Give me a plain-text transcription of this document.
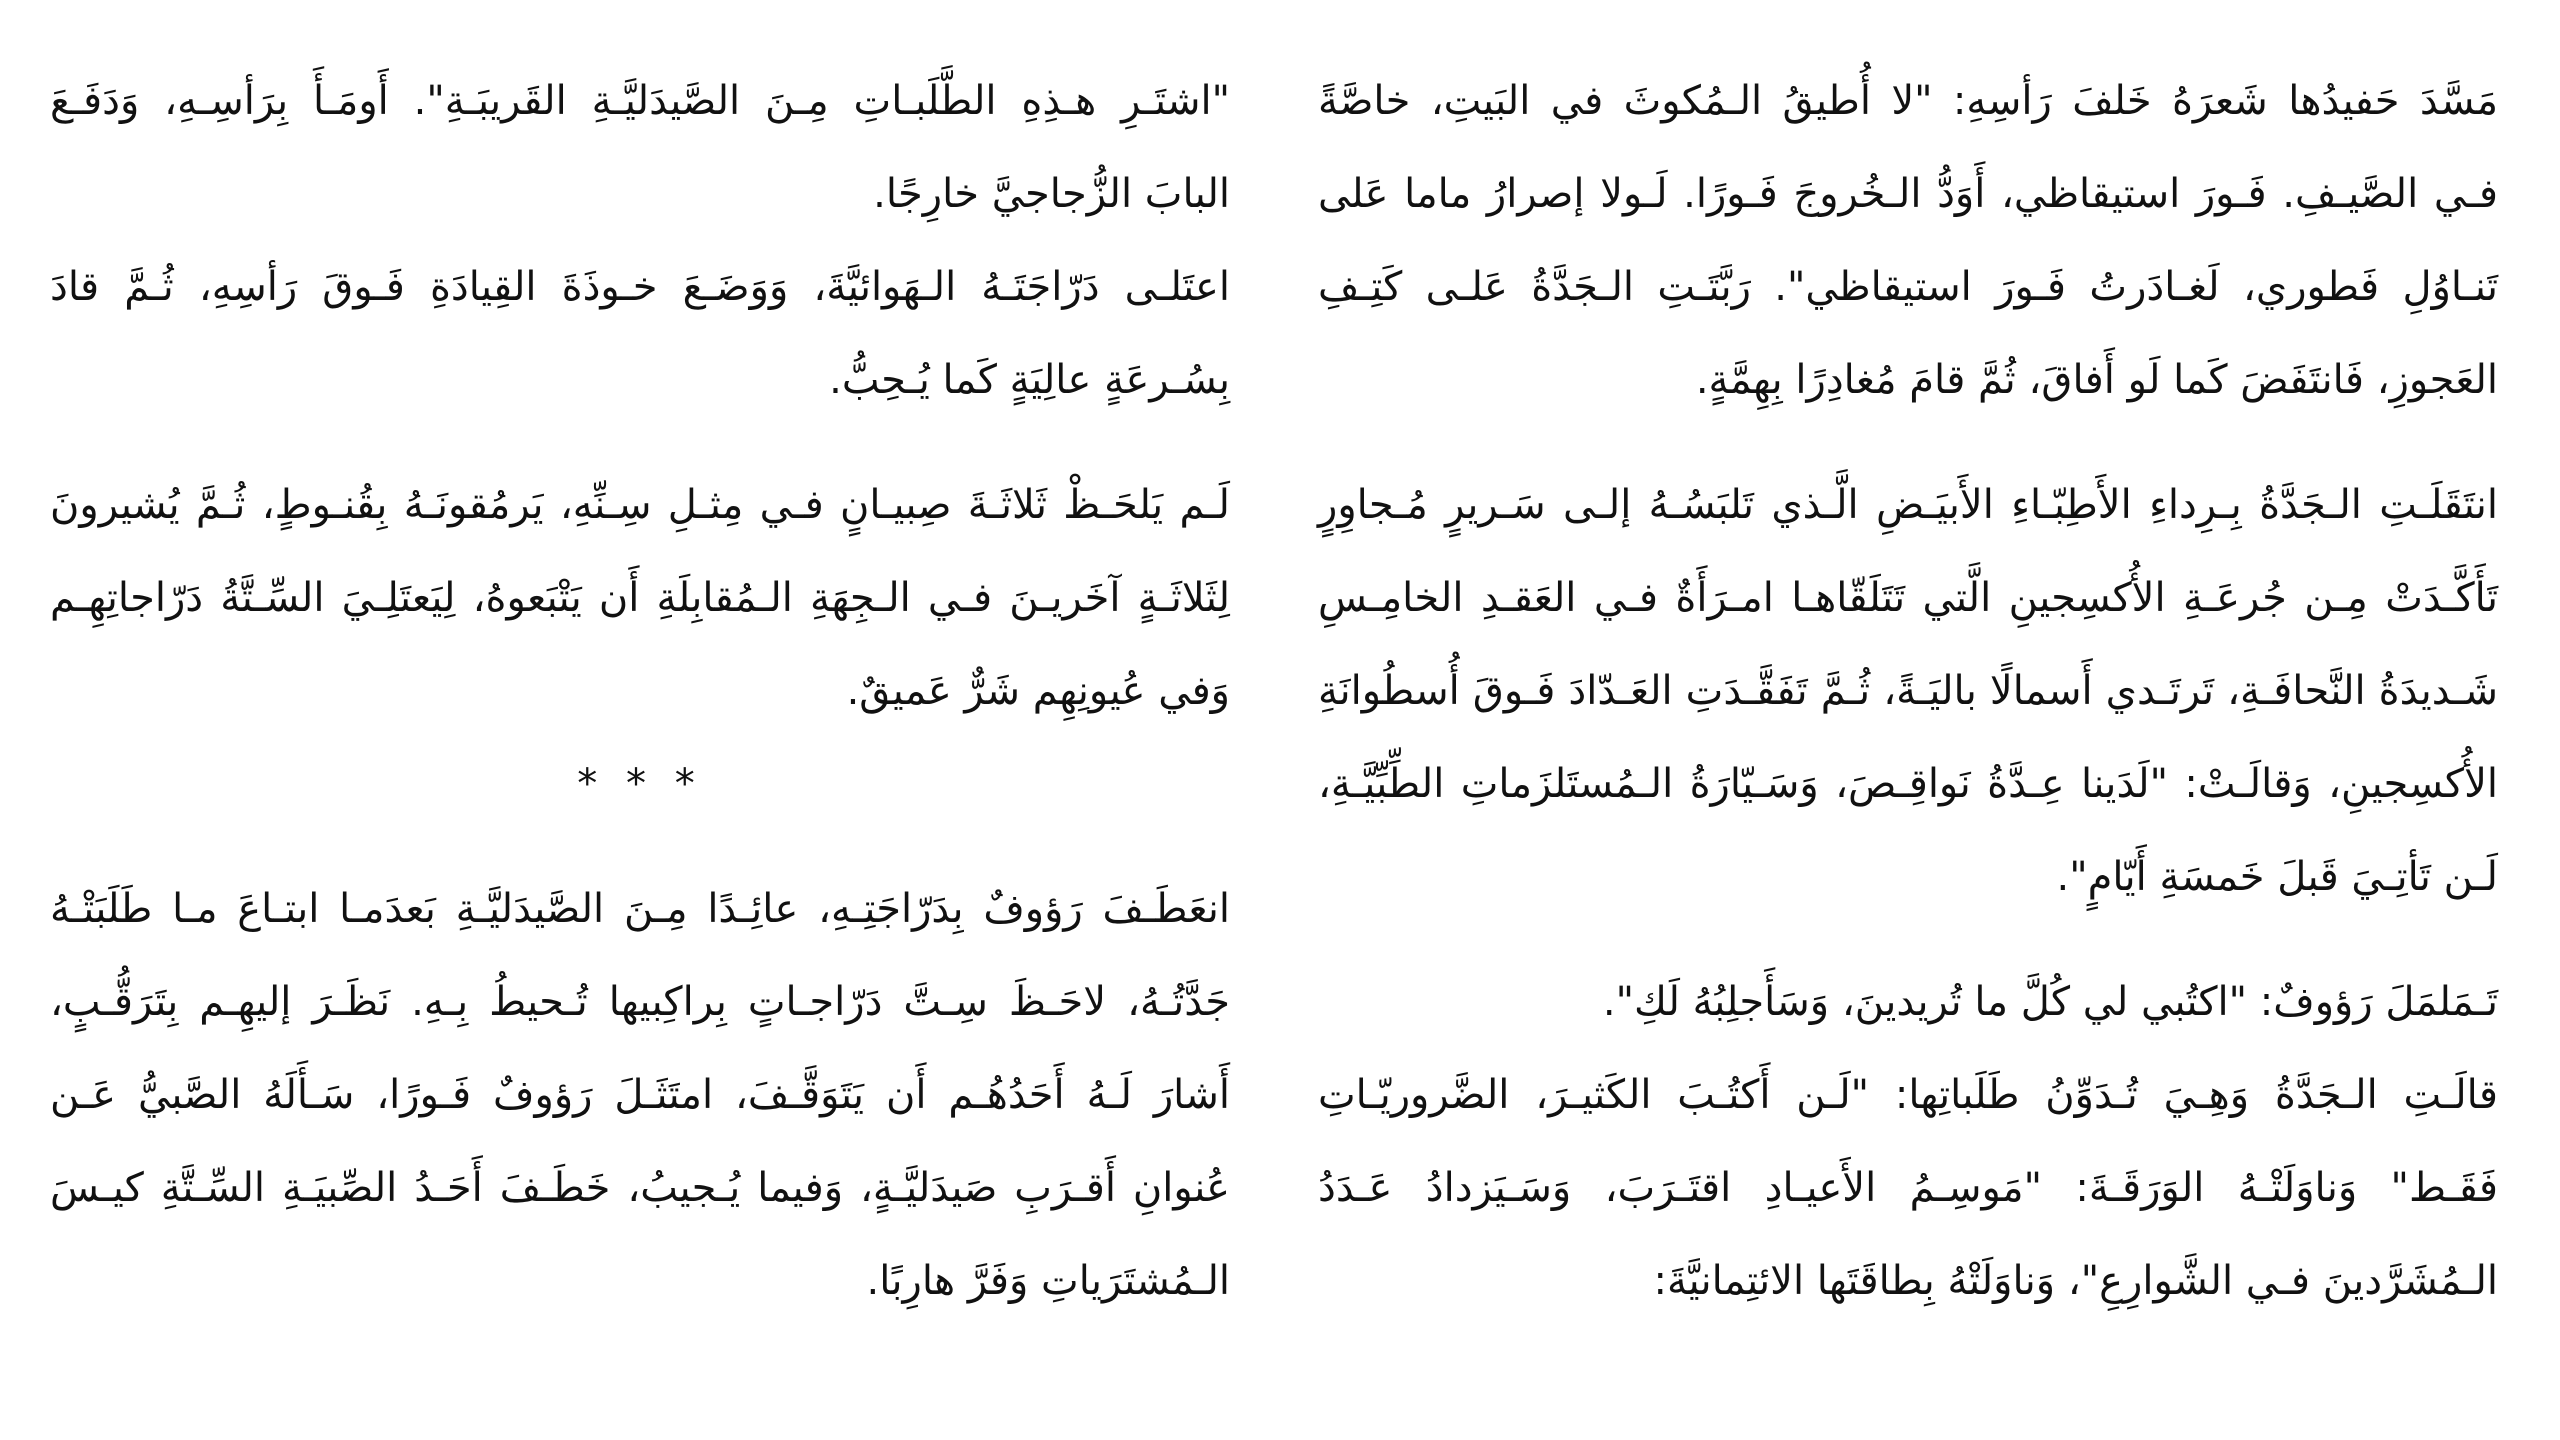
مَسَّدَ حَفيدُها شَعرَهُ خَلفَ رَأسِهِ: "لا أُطيقُ الـمُكوثَ في البَيتِ، خاصَّةً فـي الصَّيـفِ. فَـورَ استيقاظي، أَوَدُّ الـخُروجَ فَـورًا. لَـولا إصرارُ ماما عَلى تَنـاوُلِ فَطوري، لَغـادَرتُ فَـورَ استيقاظي". رَبَّتَـتِ الـجَدَّةُ عَلـى كَتِـفِ العَجوزِ، فَانتَفَضَ كَما لَو أَفاقَ، ثُمَّ قامَ مُغادِرًا بِهِمَّةٍ.

انتَقَلَـتِ الـجَدَّةُ بِـرِداءِ الأَطِبّـاءِ الأَبيَـضِ الَّـذي تَلبَسُـهُ إلـى سَـريرٍ مُـجاوِرٍ تَأَكَّـدَتْ مِـن جُرعَـةِ الأُكسِجينِ الَّتي تَتَلَقّاهـا امـرَأَةٌ فـي العَقـدِ الخامِـسِ شَـديدَةُ النَّحافَـةِ، تَرتَـدي أَسمالًا باليَـةً، ثُـمَّ تَفَقَّـدَتِ العَـدّادَ فَـوقَ أُسطُوانَةِ الأُكسِجينِ، وَقالَـتْ: "لَدَينا عِـدَّةُ نَواقِـصَ، وَسَـيّارَةُ الـمُستَلزَماتِ الطِّبِّيَّـةِ، لَـن تَأتِـيَ قَبلَ خَمسَةِ أَيّامٍ".

تَـمَلمَلَ رَؤوفٌ: "اكتُبي لي كُلَّ ما تُريدينَ، وَسَأَجلِبُهُ لَكِ".

قالَـتِ الـجَدَّةُ وَهِـيَ تُـدَوِّنُ طَلَباتِها: "لَـن أَكتُـبَ الكَثيـرَ، الضَّروريّـاتِ فَقَـط" وَناوَلَتْـهُ الوَرَقَـةَ: "مَوسِـمُ الأَعيـادِ اقتَـرَبَ، وَسَـيَزدادُ عَـدَدُ الـمُشَرَّدينَ فـي الشَّوارِعِ"، وَناوَلَتْهُ بِطاقَتَها الائتِمانيَّةَ:

"اشتَـرِ هـذِهِ الطَّلَبـاتِ مِـنَ الصَّيدَليَّـةِ القَريبَـةِ". أَومَـأَ بِرَأسِـهِ، وَدَفَـعَ البابَ الزُّجاجيَّ خارِجًا.

اعتَلـى دَرّاجَتَـهُ الـهَوائيَّةَ، وَوَضَـعَ خـوذَةَ القِيادَةِ فَـوقَ رَأسِهِ، ثُـمَّ قادَ بِسُـرعَةٍ عالِيَةٍ كَما يُـحِبُّ.

لَـم يَلحَـظْ ثَلاثَـةَ صِبيـانٍ فـي مِثـلِ سِـنِّهِ، يَرمُقونَـهُ بِقُنـوطٍ، ثُـمَّ يُشيرونَ لِثَلاثَـةٍ آخَريـنَ فـي الـجِهَةِ الـمُقابِلَةِ أَن يَتْبَعوهُ، لِيَعتَلِـيَ السِّـتَّةُ دَرّاجاتِهِـم وَفي عُيونِهِم شَرٌّ عَميقٌ.

* * *

انعَطَـفَ رَؤوفٌ بِدَرّاجَتِـهِ، عائِـدًا مِـنَ الصَّيدَليَّـةِ بَعدَمـا ابتـاعَ مـا طَلَبَتْـهُ جَدَّتُـهُ، لاحَـظَ سِـتَّ دَرّاجـاتٍ بِراكِبيها تُـحيطُ بِـهِ. نَظَـرَ إليهِـم بِتَرَقُّـبٍ، أَشارَ لَـهُ أَحَدُهُـم أَن يَتَوَقَّـفَ، امتَثَـلَ رَؤوفٌ فَـورًا، سَـأَلَهُ الصَّبيُّ عَـن عُنوانِ أَقـرَبِ صَيدَليَّـةٍ، وَفيما يُـجيبُ، خَطَـفَ أَحَـدُ الصِّبيَـةِ السِّـتَّةِ كيـسَ الـمُشتَرَياتِ وَفَرَّ هارِبًا.
